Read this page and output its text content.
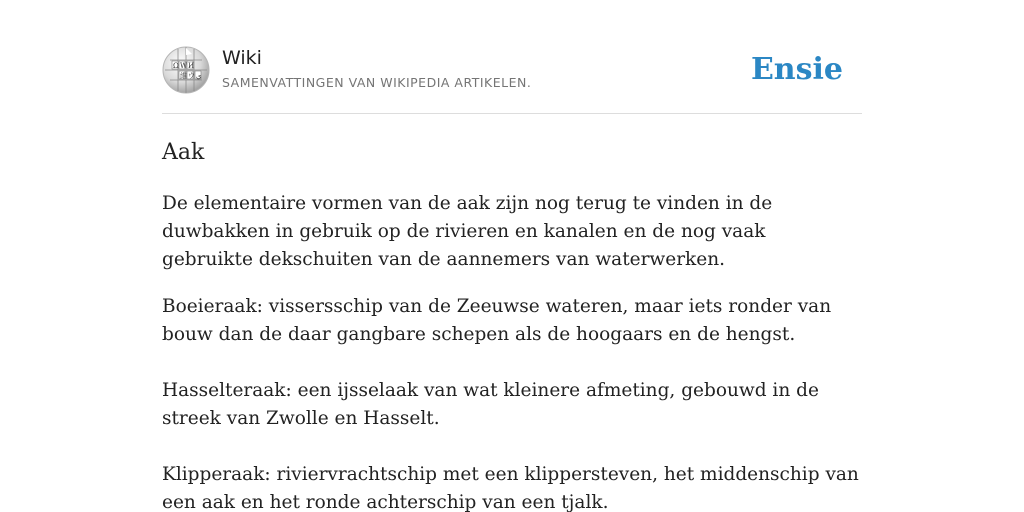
Ω W И
維 ウ ي
Wiki
SAMENVATTINGEN VAN WIKIPEDIA ARTIKELEN.	Ensie
Aak

De elementaire vormen van de aak zijn nog terug te vinden in de duwbakken in gebruik op de rivieren en kanalen en de nog vaak gebruikte dekschuiten van de aannemers van waterwerken.

Boeieraak: vissersschip van de Zeeuwse wateren, maar iets ronder van bouw dan de daar gangbare schepen als de hoogaars en de hengst.
Hasselteraak: een ijsselaak van wat kleinere afmeting, gebouwd in de streek van Zwolle en Hasselt.
Klipperaak: riviervrachtschip met een klippersteven, het middenschip van een aak en het ronde achterschip van een tjalk.
